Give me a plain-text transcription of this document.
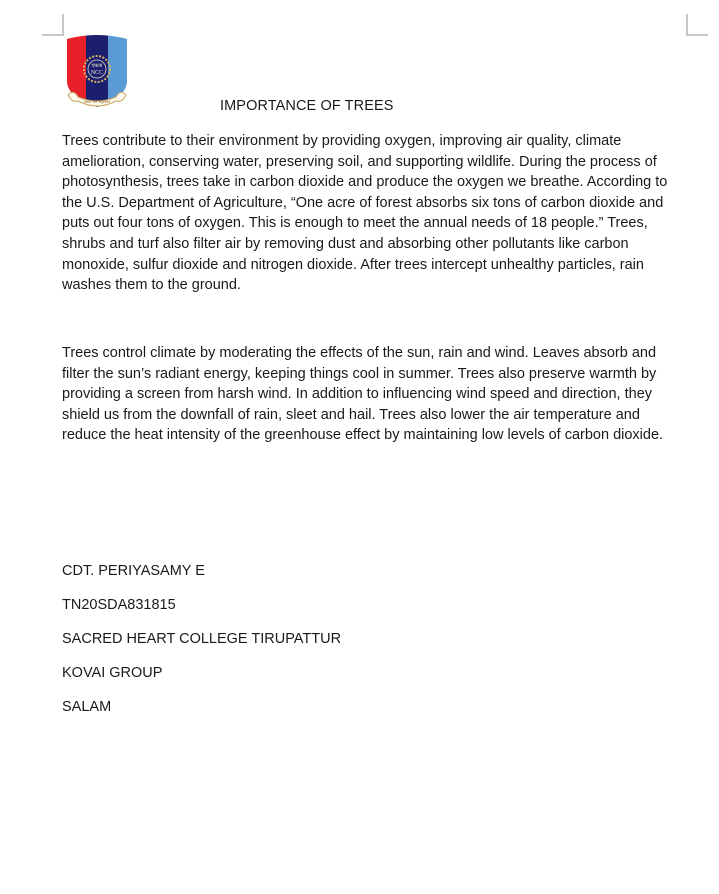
एकता
NCC
एकता और अनुशासन	IMPORTANCE OF TREES

Trees contribute to their environment by providing oxygen, improving air quality, climate amelioration, conserving water, preserving soil, and supporting wildlife. During the process of photosynthesis, trees take in carbon dioxide and produce the oxygen we breathe. According to the U.S. Department of Agriculture, “One acre of forest absorbs six tons of carbon dioxide and puts out four tons of oxygen. This is enough to meet the annual needs of 18 people.” Trees, shrubs and turf also filter air by removing dust and absorbing other pollutants like carbon monoxide, sulfur dioxide and nitrogen dioxide. After trees intercept unhealthy particles, rain washes them to the ground.

Trees control climate by moderating the effects of the sun, rain and wind. Leaves absorb and filter the sun’s radiant energy, keeping things cool in summer. Trees also preserve warmth by providing a screen from harsh wind. In addition to influencing wind speed and direction, they shield us from the downfall of rain, sleet and hail. Trees also lower the air temperature and reduce the heat intensity of the greenhouse effect by maintaining low levels of carbon dioxide.

CDT. PERIYASAMY E
TN20SDA831815
SACRED HEART COLLEGE TIRUPATTUR
KOVAI GROUP
SALAM
